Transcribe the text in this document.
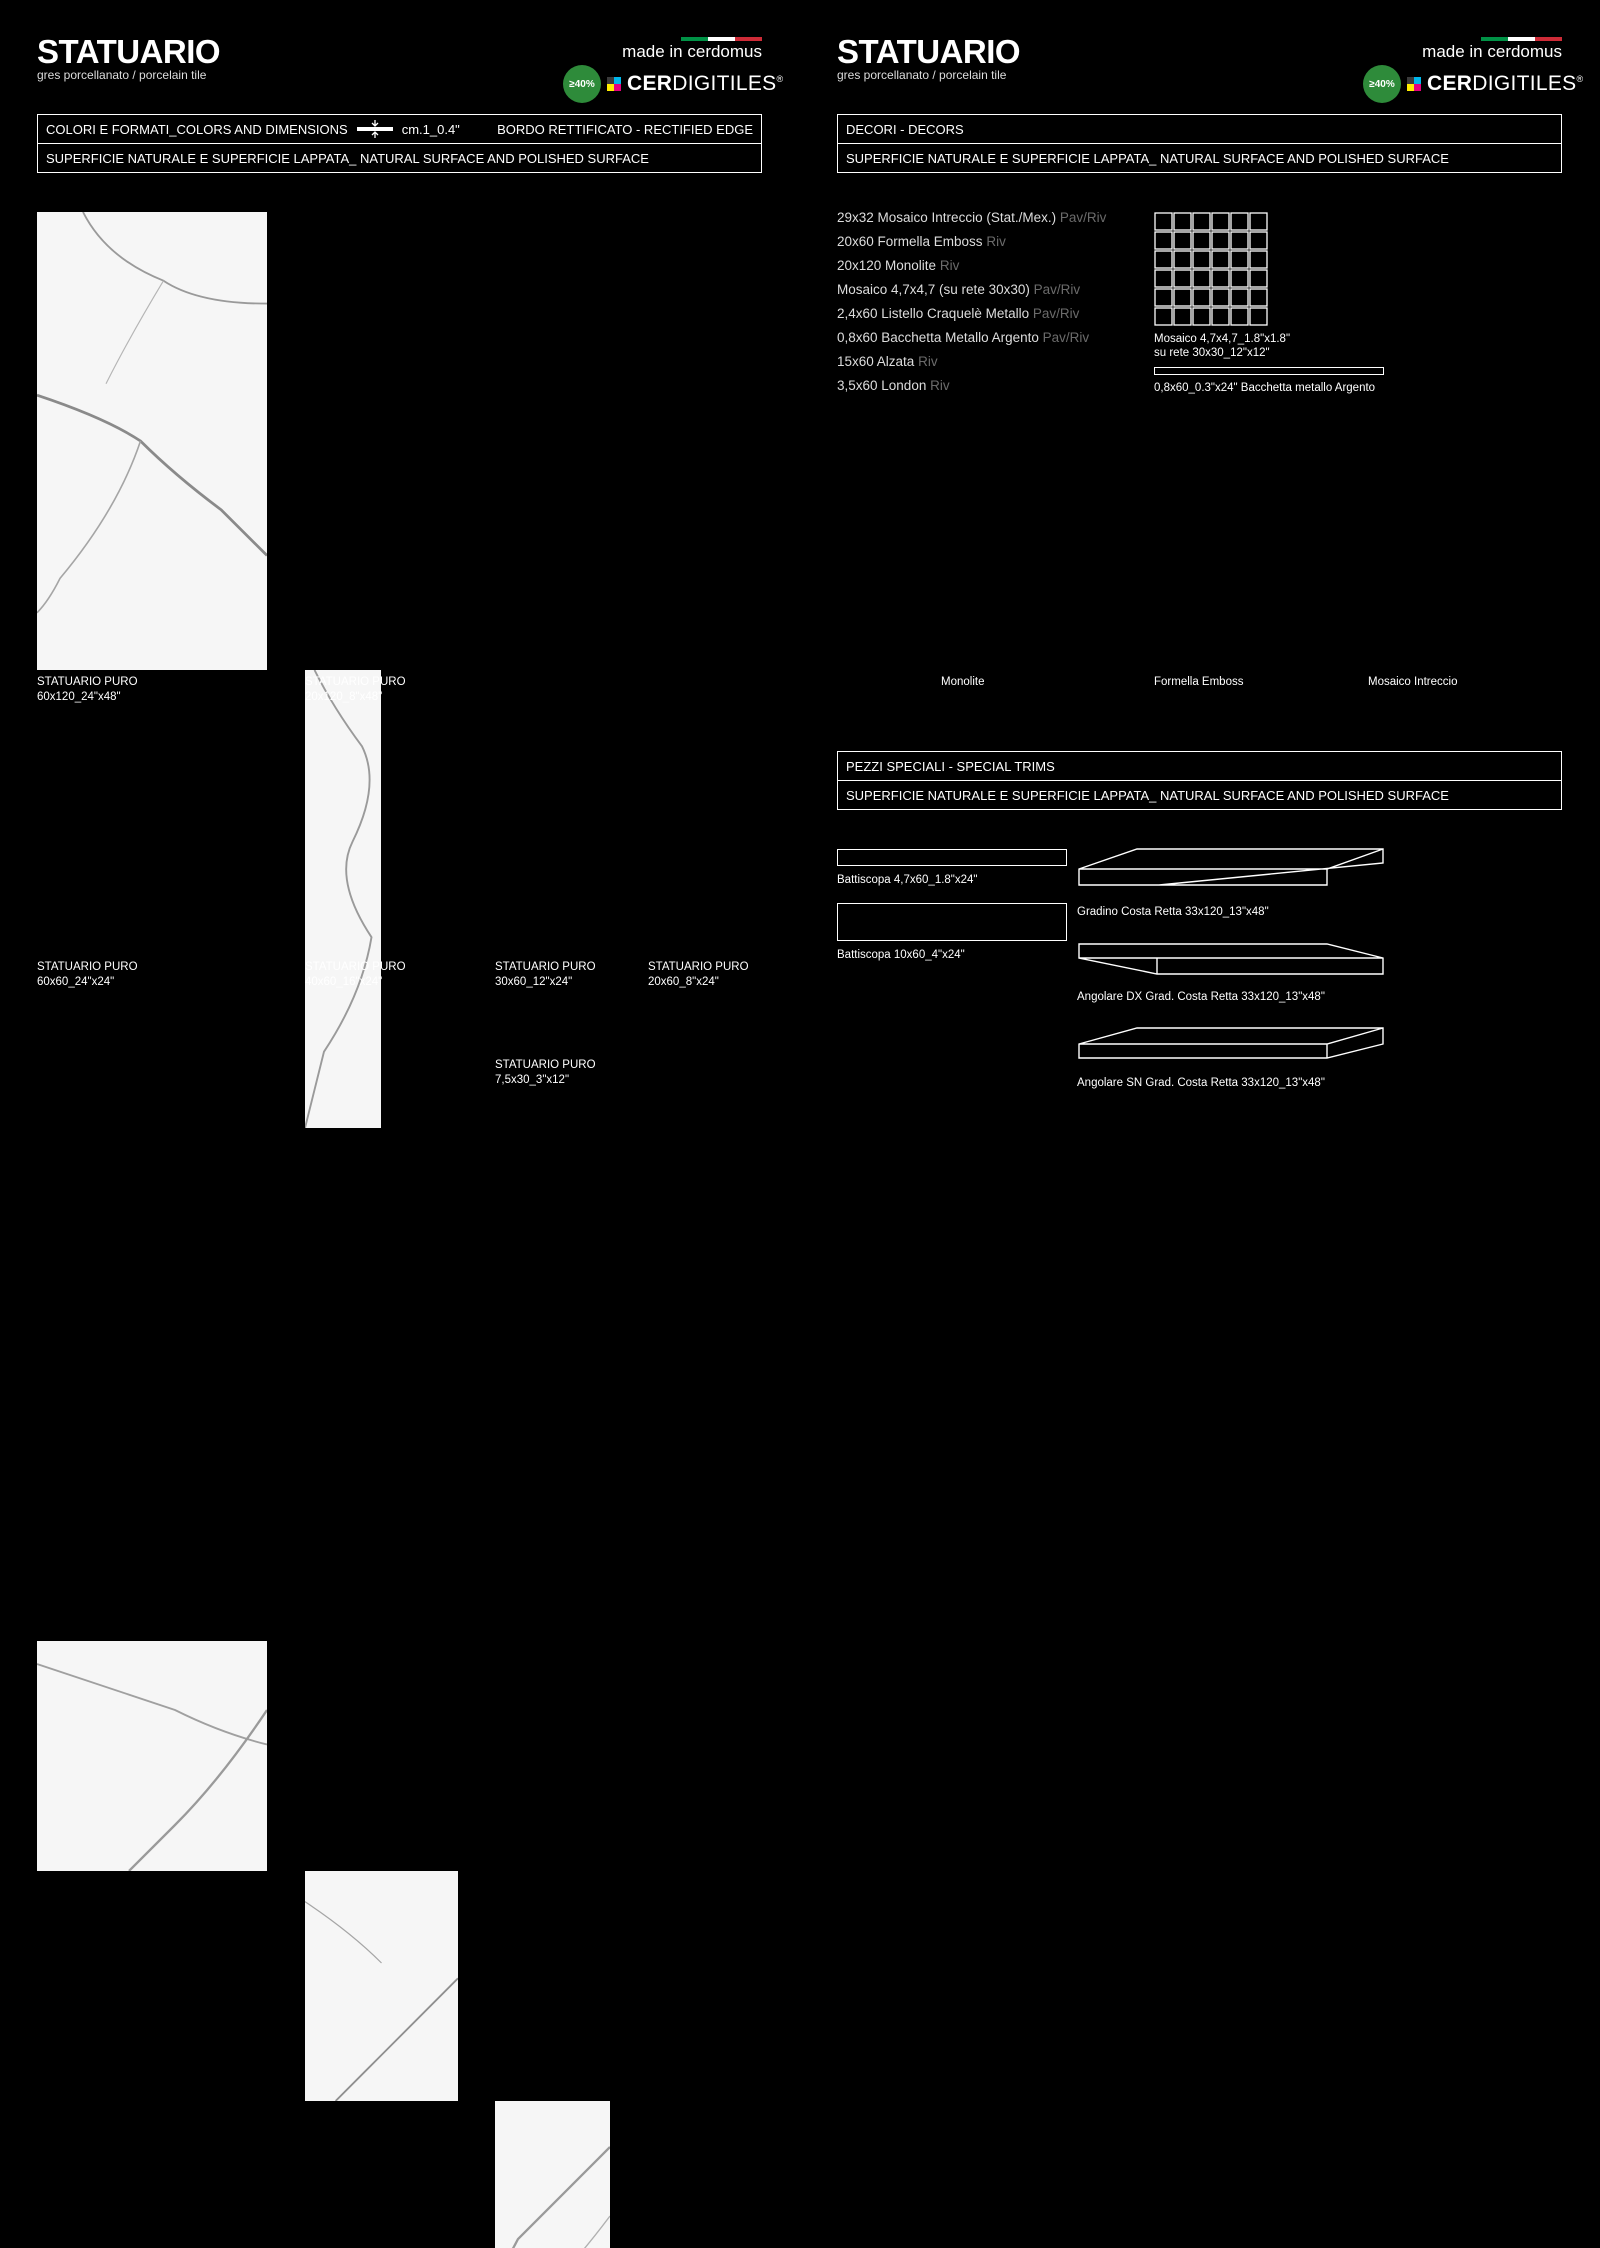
STATUARIO
gres porcellanato / porcelain tile
made in cerdomus
≥40% CERDIGITILES®
COLORI E FORMATI_COLORS AND DIMENSIONS	cm.1_0.4"	BORDO RETTIFICATO - RECTIFIED EDGE
SUPERFICIE NATURALE E SUPERFICIE LAPPATA_ NATURAL SURFACE AND POLISHED SURFACE
STATUARIO PURO
60x120_24"x48"
STATUARIO PURO
20x120_8"x48"
STATUARIO PURO
60x60_24"x24"
STATUARIO PURO
40x60_16"x24"
STATUARIO PURO
30x60_12"x24"
STATUARIO PURO
20x60_8"x24"
STATUARIO PURO
7,5x30_3"x12"
STATUARIO
gres porcellanato / porcelain tile
made in cerdomus
≥40% CERDIGITILES®
DECORI - DECORS
SUPERFICIE NATURALE E SUPERFICIE LAPPATA_ NATURAL SURFACE AND POLISHED SURFACE
29x32 Mosaico Intreccio (Stat./Mex.) Pav/Riv
20x60 Formella Emboss Riv
20x120 Monolite Riv
Mosaico 4,7x4,7 (su rete 30x30) Pav/Riv
2,4x60 Listello Craquelè Metallo Pav/Riv
0,8x60 Bacchetta Metallo Argento Pav/Riv
15x60 Alzata Riv
3,5x60 London Riv
Mosaico 4,7x4,7_1.8"x1.8"
su rete 30x30_12"x12"
0,8x60_0.3"x24" Bacchetta metallo Argento
Monolite	Formella Emboss	Mosaico Intreccio
PEZZI SPECIALI - SPECIAL TRIMS
SUPERFICIE NATURALE E SUPERFICIE LAPPATA_ NATURAL SURFACE AND POLISHED SURFACE
Battiscopa 4,7x60_1.8"x24"
Battiscopa 10x60_4"x24"
Gradino Costa Retta 33x120_13"x48"
Angolare DX Grad. Costa Retta 33x120_13"x48"
Angolare SN Grad. Costa Retta 33x120_13"x48"
